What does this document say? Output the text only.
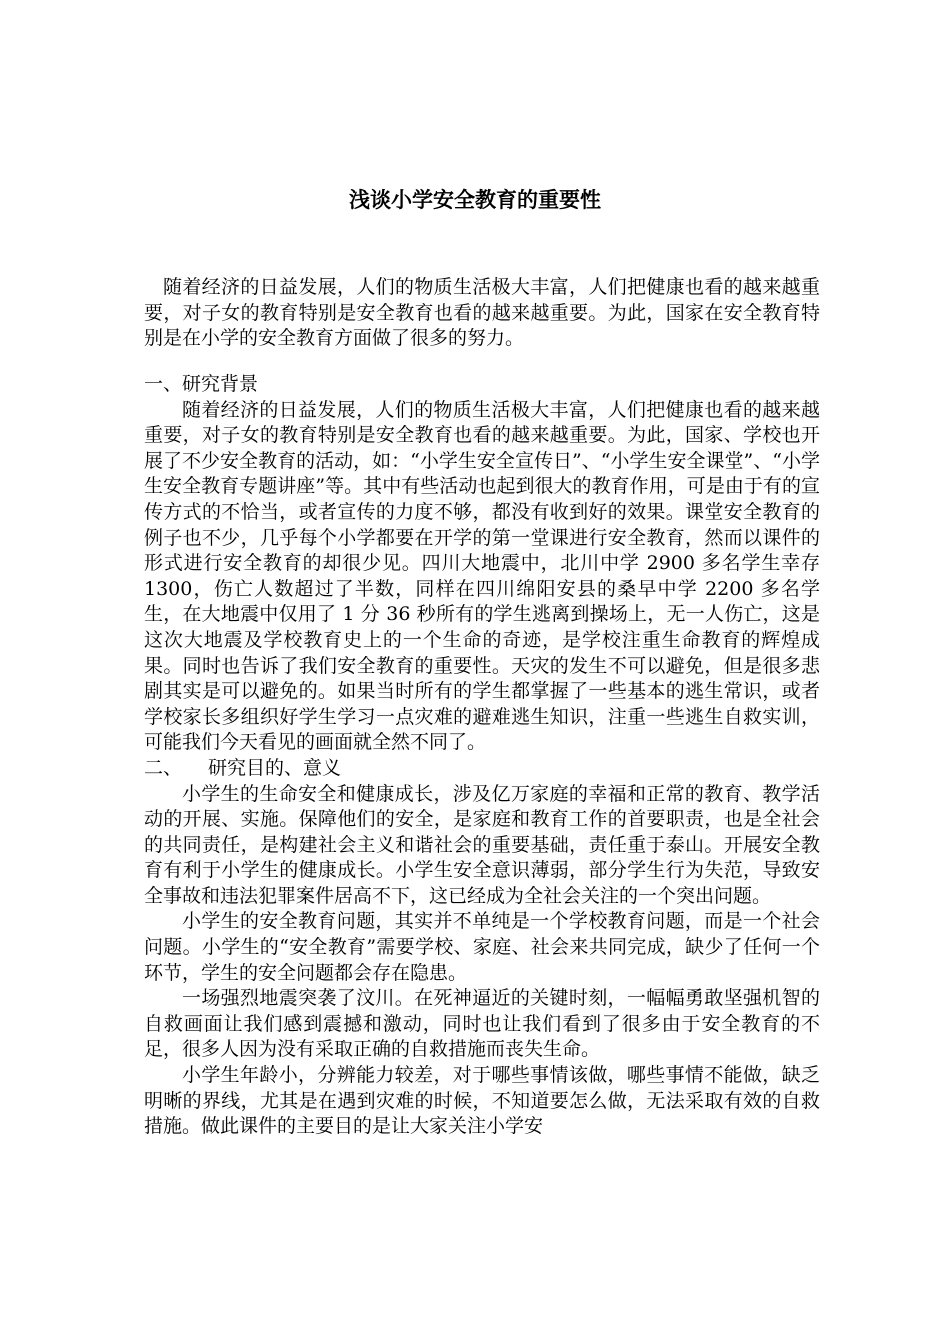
浅谈小学安全教育的重要性

随着经济的日益发展，人们的物质生活极大丰富，人们把健康也看的越来越重要，对子女的教育特别是安全教育也看的越来越重要。为此，国家在安全教育特别是在小学的安全教育方面做了很多的努力。

一、研究背景

随着经济的日益发展，人们的物质生活极大丰富，人们把健康也看的越来越重要，对子女的教育特别是安全教育也看的越来越重要。为此，国家、学校也开展了不少安全教育的活动，如：“小学生安全宣传日”、“小学生安全课堂”、“小学生安全教育专题讲座”等。其中有些活动也起到很大的教育作用，可是由于有的宣传方式的不恰当，或者宣传的力度不够，都没有收到好的效果。课堂安全教育的例子也不少，几乎每个小学都要在开学的第一堂课进行安全教育，然而以课件的形式进行安全教育的却很少见。四川大地震中，北川中学 2900 多名学生幸存 1300，伤亡人数超过了半数，同样在四川绵阳安县的桑早中学 2200 多名学生，在大地震中仅用了 1 分 36 秒所有的学生逃离到操场上，无一人伤亡，这是这次大地震及学校教育史上的一个生命的奇迹，是学校注重生命教育的辉煌成果。同时也告诉了我们安全教育的重要性。天灾的发生不可以避免，但是很多悲剧其实是可以避免的。如果当时所有的学生都掌握了一些基本的逃生常识，或者学校家长多组织好学生学习一点灾难的避难逃生知识，注重一些逃生自救实训，可能我们今天看见的画面就全然不同了。

二、 研究目的、意义

小学生的生命安全和健康成长，涉及亿万家庭的幸福和正常的教育、教学活动的开展、实施。保障他们的安全，是家庭和教育工作的首要职责，也是全社会的共同责任，是构建社会主义和谐社会的重要基础，责任重于泰山。开展安全教育有利于小学生的健康成长。小学生安全意识薄弱，部分学生行为失范，导致安全事故和违法犯罪案件居高不下，这已经成为全社会关注的一个突出问题。

小学生的安全教育问题，其实并不单纯是一个学校教育问题，而是一个社会问题。小学生的“安全教育”需要学校、家庭、社会来共同完成，缺少了任何一个环节，学生的安全问题都会存在隐患。

一场强烈地震突袭了汶川。在死神逼近的关键时刻，一幅幅勇敢坚强机智的自救画面让我们感到震撼和激动，同时也让我们看到了很多由于安全教育的不足，很多人因为没有采取正确的自救措施而丧失生命。

小学生年龄小，分辨能力较差，对于哪些事情该做，哪些事情不能做，缺乏明晰的界线，尤其是在遇到灾难的时候，不知道要怎么做，无法采取有效的自救措施。做此课件的主要目的是让大家关注小学安
